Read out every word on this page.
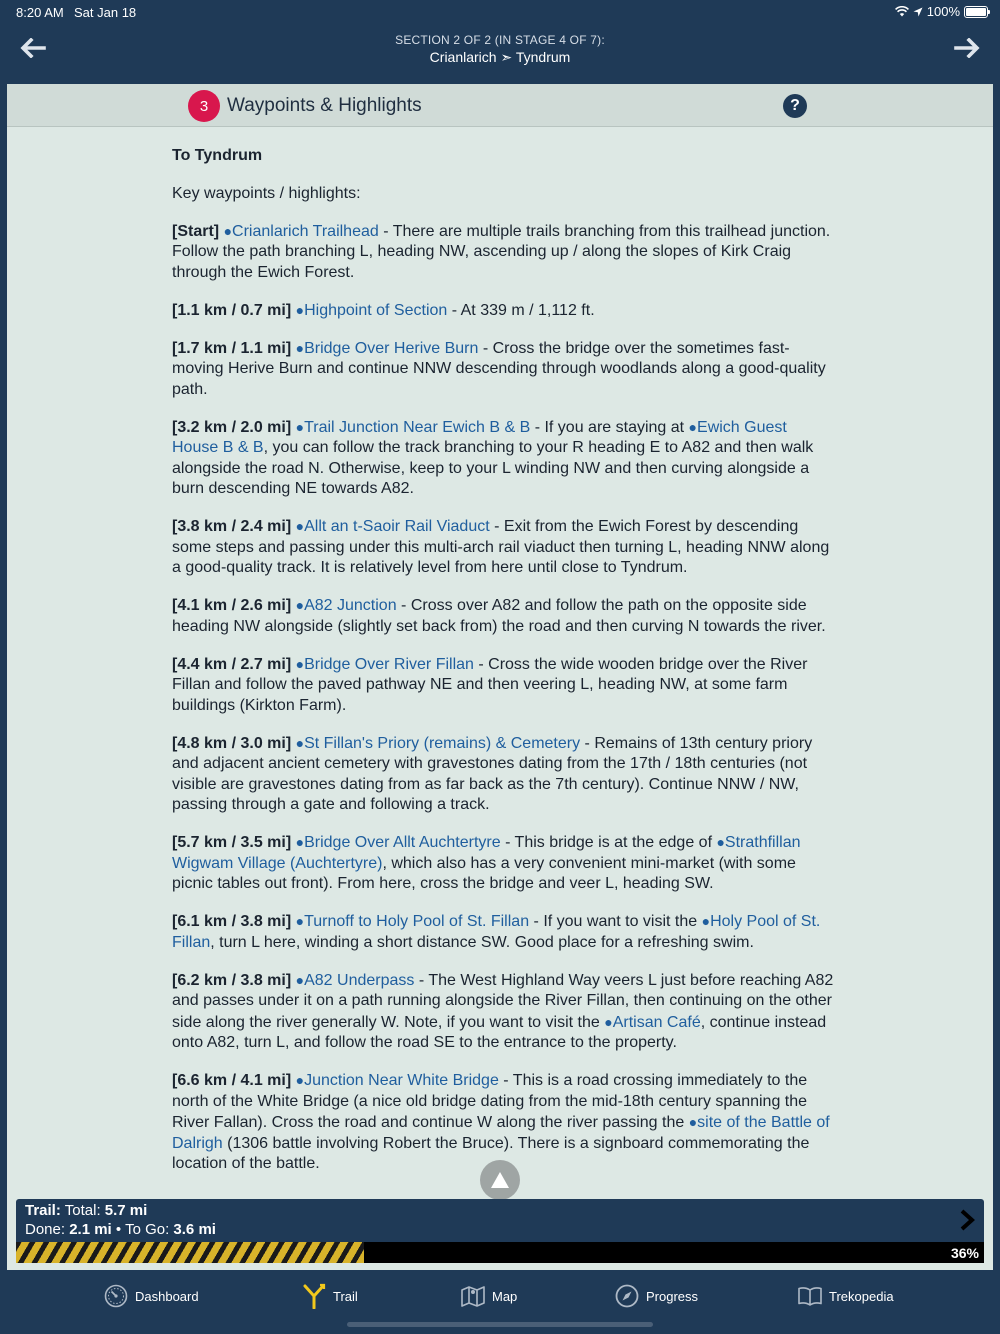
8:20 AM Sat Jan 18	100%
SECTION 2 OF 2 (IN STAGE 4 OF 7):
Crianlarich ➣ Tyndrum
3 Waypoints & Highlights	?
To Tyndrum

Key waypoints / highlights:

[Start] ●Crianlarich Trailhead - There are multiple trails branching from this trailhead junction. Follow the path branching L, heading NW, ascending up / along the slopes of Kirk Craig through the Ewich Forest.

[1.1 km / 0.7 mi] ●Highpoint of Section - At 339 m / 1,112 ft.

[1.7 km / 1.1 mi] ●Bridge Over Herive Burn - Cross the bridge over the sometimes fast-moving Herive Burn and continue NNW descending through woodlands along a good-quality path.

[3.2 km / 2.0 mi] ●Trail Junction Near Ewich B & B - If you are staying at ●Ewich Guest House B & B, you can follow the track branching to your R heading E to A82 and then walk alongside the road N. Otherwise, keep to your L winding NW and then curving alongside a burn descending NE towards A82.

[3.8 km / 2.4 mi] ●Allt an t-Saoir Rail Viaduct - Exit from the Ewich Forest by descending some steps and passing under this multi-arch rail viaduct then turning L, heading NNW along a good-quality track. It is relatively level from here until close to Tyndrum.

[4.1 km / 2.6 mi] ●A82 Junction - Cross over A82 and follow the path on the opposite side heading NW alongside (slightly set back from) the road and then curving N towards the river.

[4.4 km / 2.7 mi] ●Bridge Over River Fillan - Cross the wide wooden bridge over the River Fillan and follow the paved pathway NE and then veering L, heading NW, at some farm buildings (Kirkton Farm).

[4.8 km / 3.0 mi] ●St Fillan's Priory (remains) & Cemetery - Remains of 13th century priory and adjacent ancient cemetery with gravestones dating from the 17th / 18th centuries (not visible are gravestones dating from as far back as the 7th century). Continue NNW / NW, passing through a gate and following a track.

[5.7 km / 3.5 mi] ●Bridge Over Allt Auchtertyre - This bridge is at the edge of ●Strathfillan Wigwam Village (Auchtertyre), which also has a very convenient mini-market (with some picnic tables out front). From here, cross the bridge and veer L, heading SW.

[6.1 km / 3.8 mi] ●Turnoff to Holy Pool of St. Fillan - If you want to visit the ●Holy Pool of St. Fillan, turn L here, winding a short distance SW. Good place for a refreshing swim.

[6.2 km / 3.8 mi] ●A82 Underpass - The West Highland Way veers L just before reaching A82 and passes under it on a path running alongside the River Fillan, then continuing on the other side along the river generally W. Note, if you want to visit the ●Artisan Café, continue instead onto A82, turn L, and follow the road SE to the entrance to the property.

[6.6 km / 4.1 mi] ●Junction Near White Bridge - This is a road crossing immediately to the north of the White Bridge (a nice old bridge dating from the mid-18th century spanning the River Fallan). Cross the road and continue W along the river passing the ●site of the Battle of Dalrigh (1306 battle involving Robert the Bruce). There is a signboard commemorating the location of the battle.

Trail: Total: 5.7 mi
Done: 2.1 mi • To Go: 3.6 mi
36%
Dashboard	Trail	Map	Progress	Trekopedia
